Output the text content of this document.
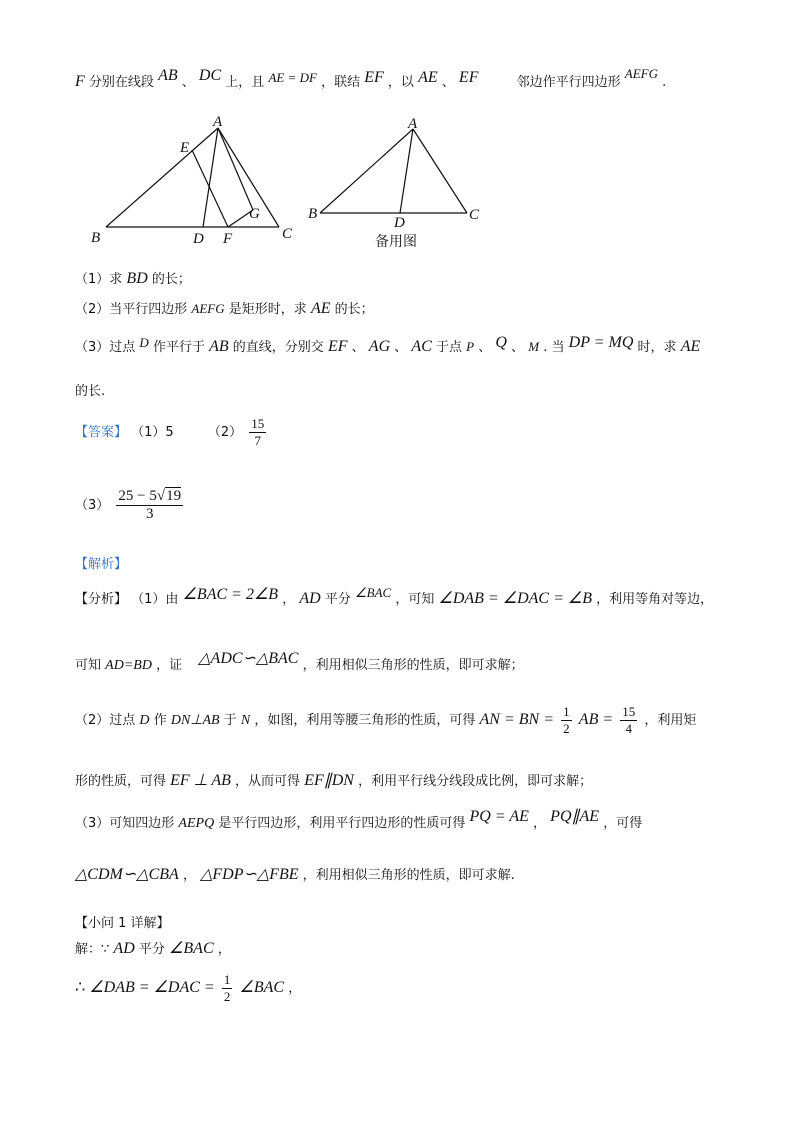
F 分别在线段 AB 、 DC 上，且 AE = DF ，联结 EF ，以 AE 、 EF	邻边作平行四边形 AEFG .
A
E
B	D F
G
C
A
B
D	C
备用图
（1）求 BD 的长；
（2）当平行四边形 AEFG 是矩形时，求 AE 的长；
（3）过点 D 作平行于 AB 的直线，分别交 EF 、 AG 、 AC 于点 P 、 Q 、 M . 当 DP = MQ 时，求 AE
的长.
【答案】 （1）5	$(2) \frac{15}{7}$
$(3) \frac{25 - 5√19}{3}$
【解析】
【分析】 （1）由 ∠BAC = 2∠B ， AD 平分 ∠BAC ，可知 ∠DAB = ∠DAC = ∠B ，利用等角对等边，
可知 AD=BD ，证 △ADC∽△BAC ，利用相似三角形的性质，即可求解；
（2）过点 D 作 DN⊥AB 于 N ，如图，利用等腰三角形的性质，可得 AN = BN = $\frac{1}{2}$ AB = $\frac{15}{4}$ ，利用矩
形的性质，可得 EF ⊥ AB ，从而可得 EF∥DN ，利用平行线分线段成比例，即可求解；
（3）可知四边形 AEPQ 是平行四边形，利用平行四边形的性质可得 PQ = AE ， PQ∥AE ，可得
△CDM∽△CBA ， △FDP∽△FBE ，利用相似三角形的性质，即可求解.
【小问 1 详解】
解：∵ AD 平分 ∠BAC ，
∴ ∠DAB = ∠DAC = $\frac{1}{2}$ ∠BAC ，
